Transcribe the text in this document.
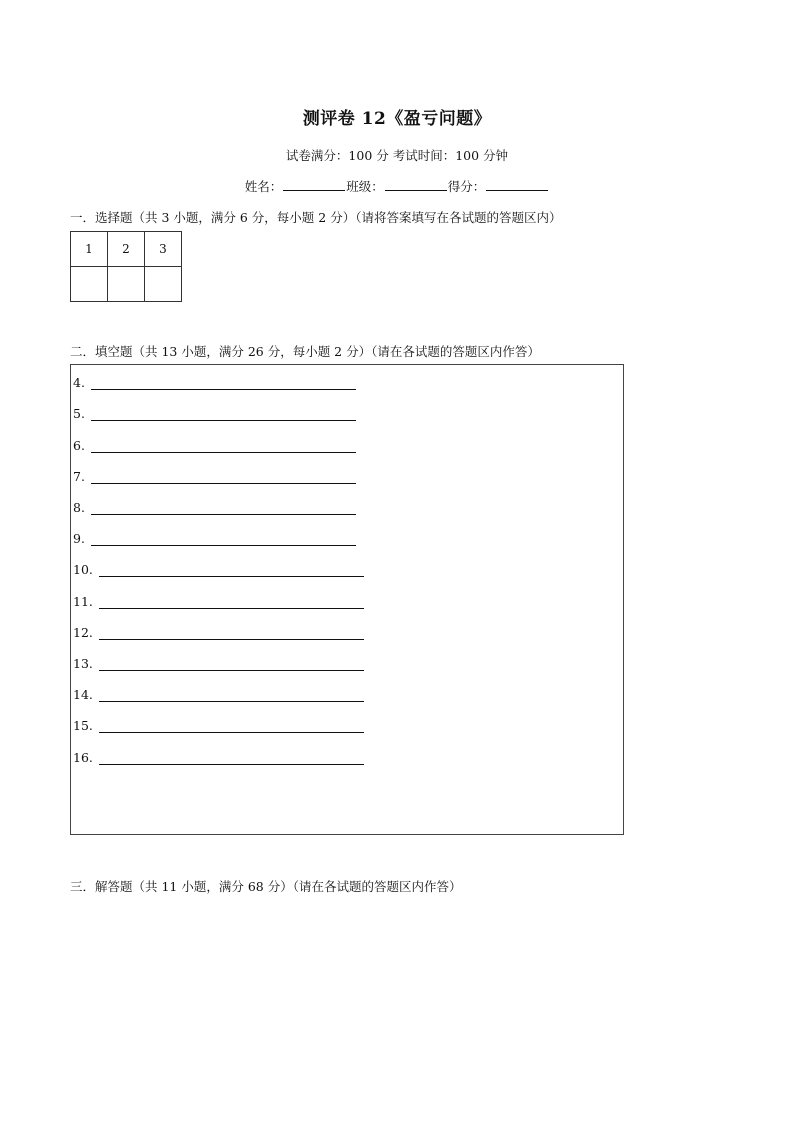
测评卷 12《盈亏问题》
试卷满分：100 分 考试时间：100 分钟
姓名：	班级：	得分：
一．选择题（共 3 小题，满分 6 分，每小题 2 分）（请将答案填写在各试题的答题区内）
1	2	3

二．填空题（共 13 小题，满分 26 分，每小题 2 分）（请在各试题的答题区内作答）
4.
5.
6.
7.
8.
9.
10.
11.
12.
13.
14.
15.
16.
三．解答题（共 11 小题，满分 68 分）（请在各试题的答题区内作答）
